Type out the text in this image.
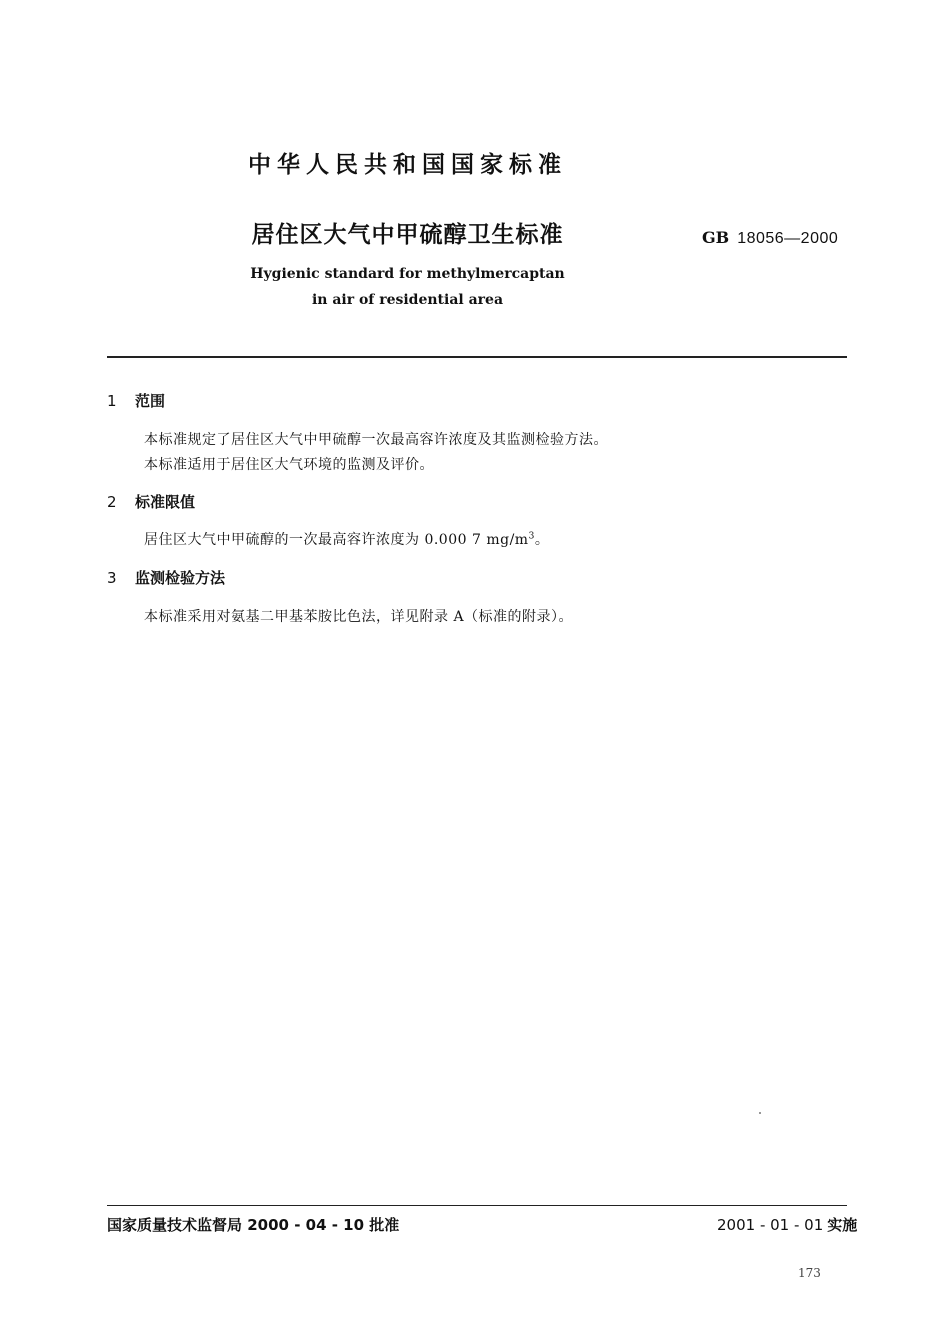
中华人民共和国国家标准
居住区大气中甲硫醇卫生标准	GB 18056—2000
Hygienic standard for methylmercaptan
in air of residential area
1 范围
本标准规定了居住区大气中甲硫醇一次最高容许浓度及其监测检验方法。
本标准适用于居住区大气环境的监测及评价。
2 标准限值
居住区大气中甲硫醇的一次最高容许浓度为 0.000 7 $mg/m^3$。
3 监测检验方法
本标准采用对氨基二甲基苯胺比色法，详见附录 A（标准的附录）。
国家质量技术监督局 2000 - 04 - 10 批准	2001 - 01 - 01 实施
173
